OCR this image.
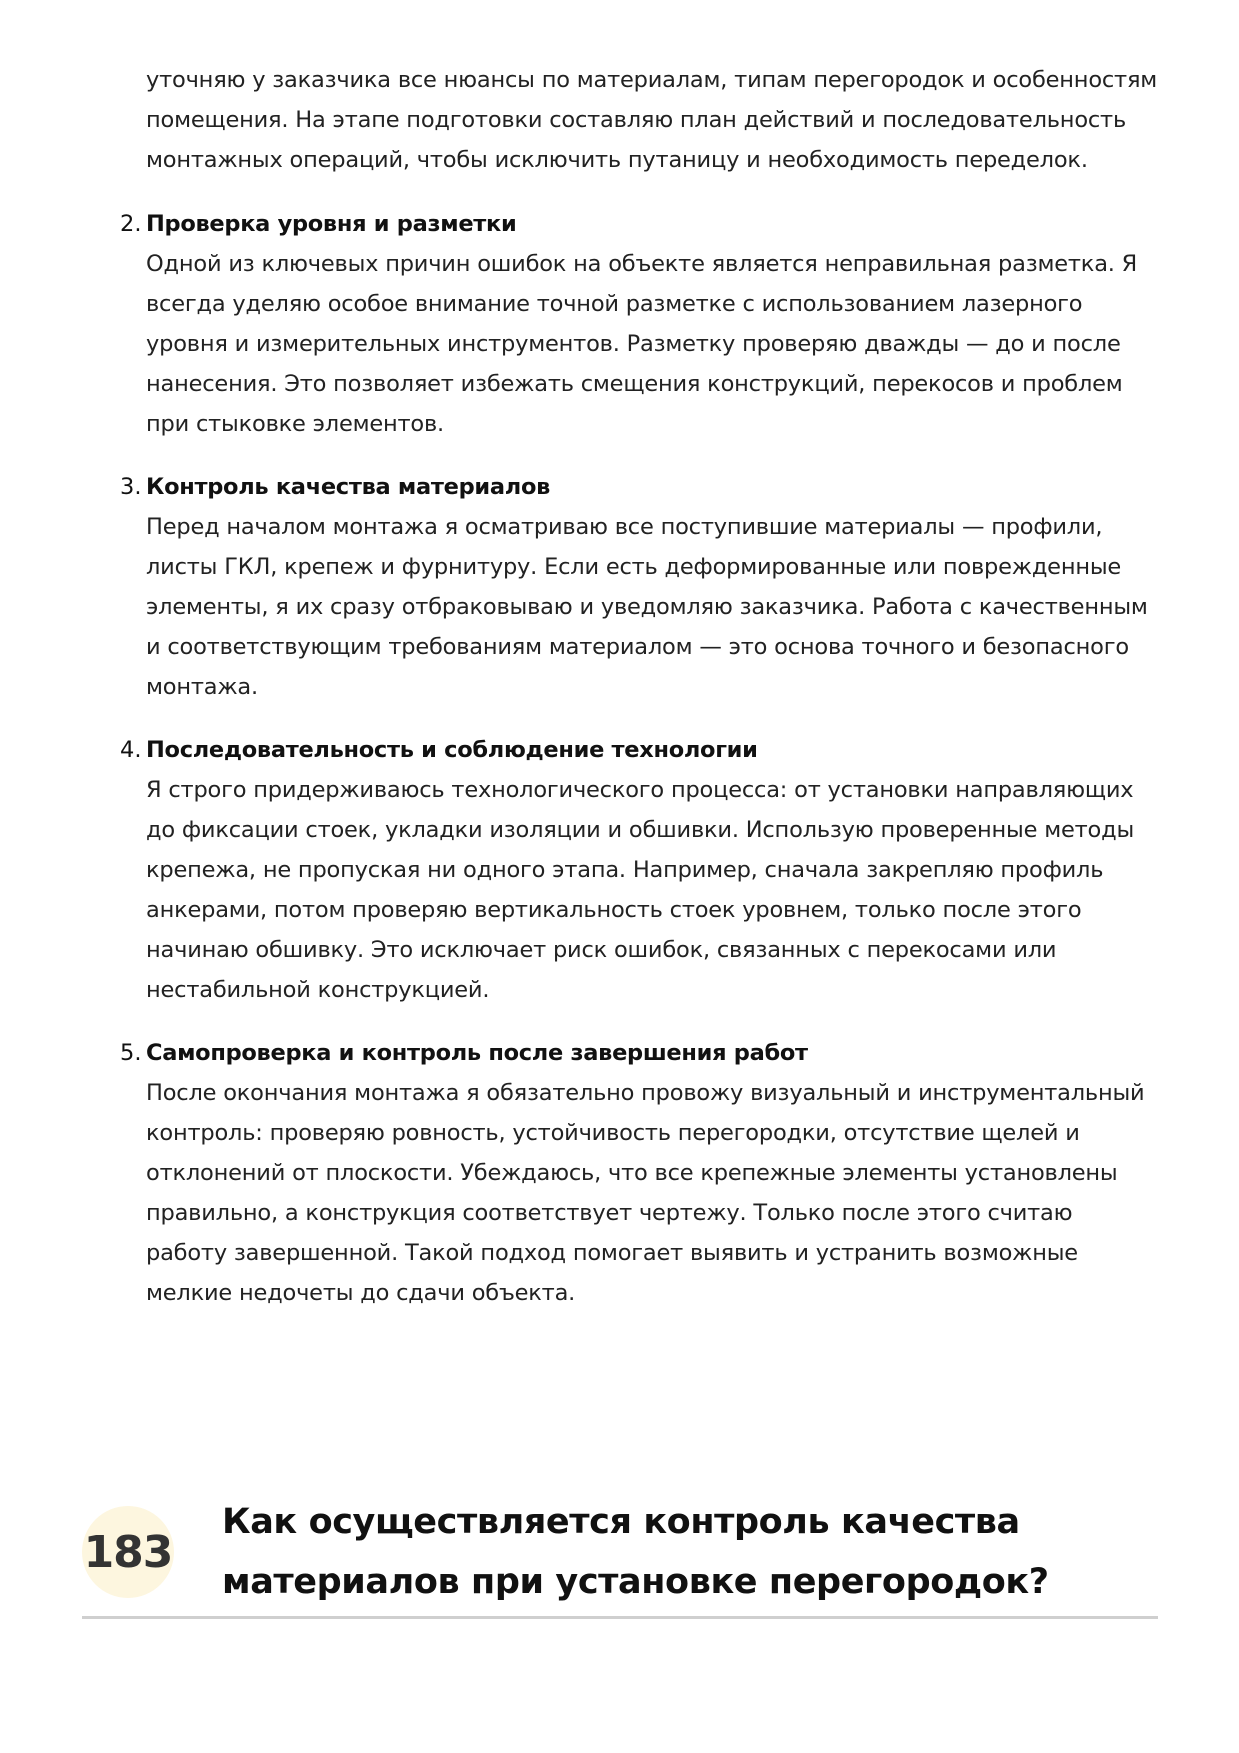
уточняю у заказчика все нюансы по материалам, типам перегородок и особенностям помещения. На этапе подготовки составляю план действий и последовательность монтажных операций, чтобы исключить путаницу и необходимость переделок.

2. Проверка уровня и разметки
Одной из ключевых причин ошибок на объекте является неправильная разметка. Я всегда уделяю особое внимание точной разметке с использованием лазерного уровня и измерительных инструментов. Разметку проверяю дважды — до и после нанесения. Это позволяет избежать смещения конструкций, перекосов и проблем при стыковке элементов.
3. Контроль качества материалов
Перед началом монтажа я осматриваю все поступившие материалы — профили, листы ГКЛ, крепеж и фурнитуру. Если есть деформированные или поврежденные элементы, я их сразу отбраковываю и уведомляю заказчика. Работа с качественным и соответствующим требованиям материалом — это основа точного и безопасного монтажа.
4. Последовательность и соблюдение технологии
Я строго придерживаюсь технологического процесса: от установки направляющих до фиксации стоек, укладки изоляции и обшивки. Использую проверенные методы крепежа, не пропуская ни одного этапа. Например, сначала закрепляю профиль анкерами, потом проверяю вертикальность стоек уровнем, только после этого начинаю обшивку. Это исключает риск ошибок, связанных с перекосами или нестабильной конструкцией.
5. Самопроверка и контроль после завершения работ
После окончания монтажа я обязательно провожу визуальный и инструментальный контроль: проверяю ровность, устойчивость перегородки, отсутствие щелей и отклонений от плоскости. Убеждаюсь, что все крепежные элементы установлены правильно, а конструкция соответствует чертежу. Только после этого считаю работу завершенной. Такой подход помогает выявить и устранить возможные мелкие недочеты до сдачи объекта.
183
Как осуществляется контроль качества материалов при установке перегородок?
